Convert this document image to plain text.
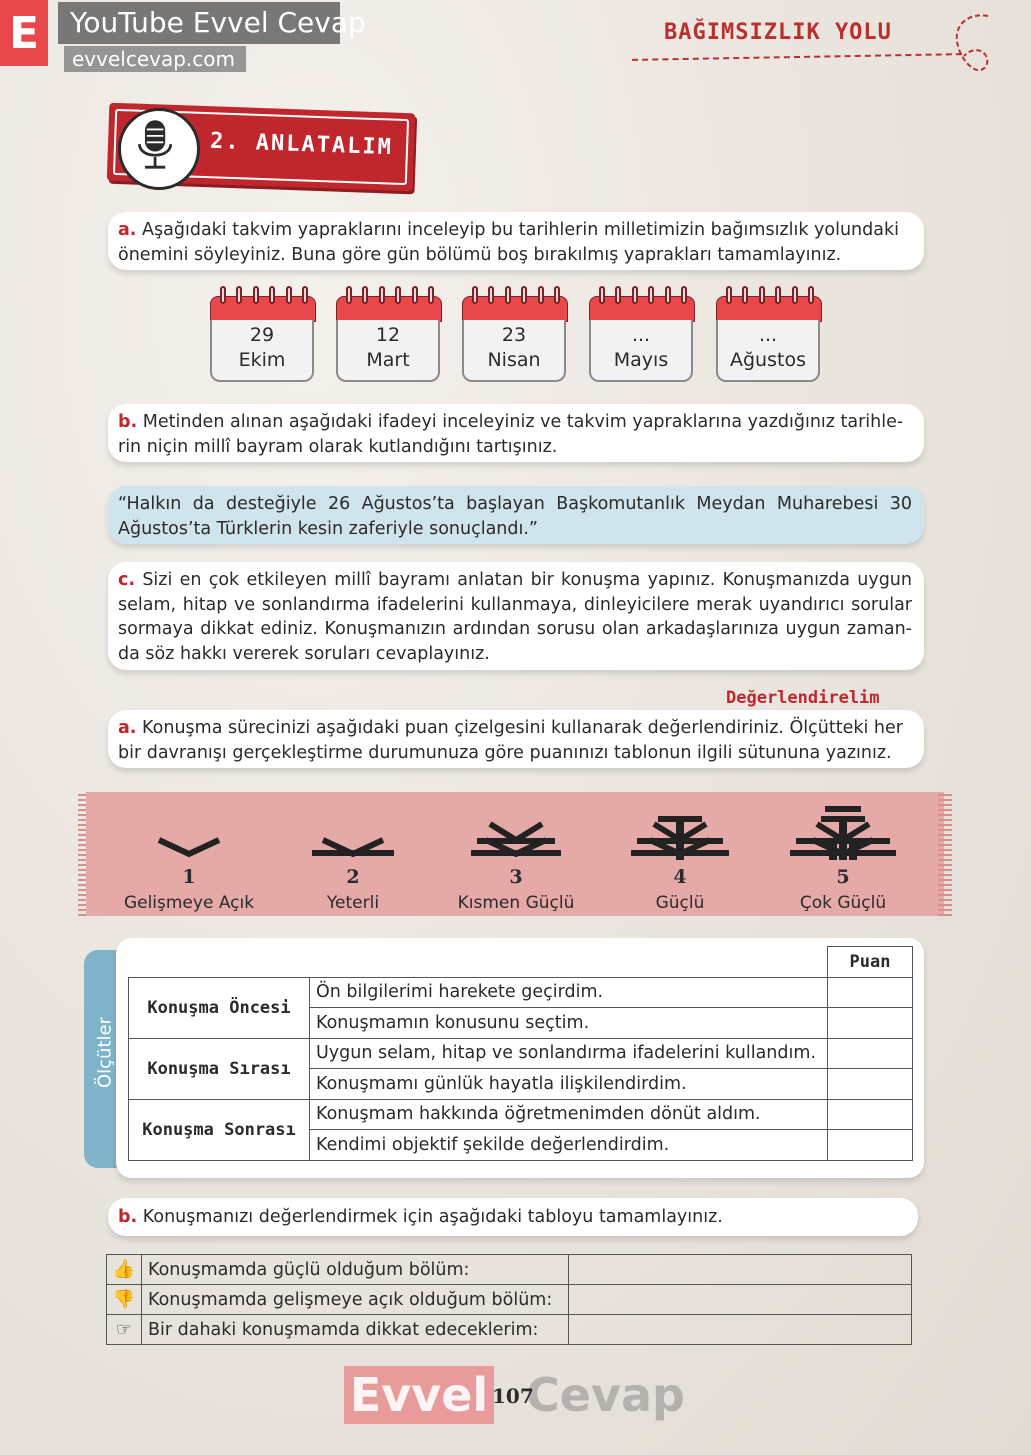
E	YouTube Evvel Cevap
evvelcevap.com
BAĞIMSIZLIK YOLU
2. ANLATALIM
a. Aşağıdaki takvim yapraklarını inceleyip bu tarihlerin milletimizin bağımsızlık yolundaki önemini söyleyiniz. Buna göre gün bölümü boş bırakılmış yaprakları tamamlayınız.
29
Ekim
12
Mart
23
Nisan
...
Mayıs
...
Ağustos
b. Metinden alınan aşağıdaki ifadeyi inceleyiniz ve takvim yapraklarına yazdığınız tarihle-rin niçin millî bayram olarak kutlandığını tartışınız.
“Halkın da desteğiyle 26 Ağustos’ta başlayan Başkomutanlık Meydan Muharebesi 30 Ağustos’ta Türklerin kesin zaferiyle sonuçlandı.”
c. Sizi en çok etkileyen millî bayramı anlatan bir konuşma yapınız. Konuşmanızda uygun selam, hitap ve sonlandırma ifadelerini kullanmaya, dinleyicilere merak uyandırıcı sorular sormaya dikkat ediniz. Konuşmanızın ardından sorusu olan arkadaşlarınıza uygun zaman-da söz hakkı vererek soruları cevaplayınız.
Değerlendirelim
a. Konuşma sürecinizi aşağıdaki puan çizelgesini kullanarak değerlendiriniz. Ölçütteki her bir davranışı gerçekleştirme durumunuza göre puanınızı tablonun ilgili sütununa yazınız.
1
Gelişmeye Açık
2
Yeterli
3
Kısmen Güçlü
4
Güçlü
5
Çok Güçlü
Ölçütler
		Puan
Konuşma Öncesi	Ön bilgilerimi harekete geçirdim.	
	Konuşmamın konusunu seçtim.	
Konuşma Sırası	Uygun selam, hitap ve sonlandırma ifadelerini kullandım.	
	Konuşmamı günlük hayatla ilişkilendirdim.	
Konuşma Sonrası	Konuşmam hakkında öğretmenimden dönüt aldım.	
	Kendimi objektif şekilde değerlendirdim.	
b. Konuşmanızı değerlendirmek için aşağıdaki tabloyu tamamlayınız.
👍	Konuşmamda güçlü olduğum bölüm:	
👎	Konuşmamda gelişmeye açık olduğum bölüm:	
☞	Bir dahaki konuşmamda dikkat edeceklerim:	
Evvel Cevap
107
